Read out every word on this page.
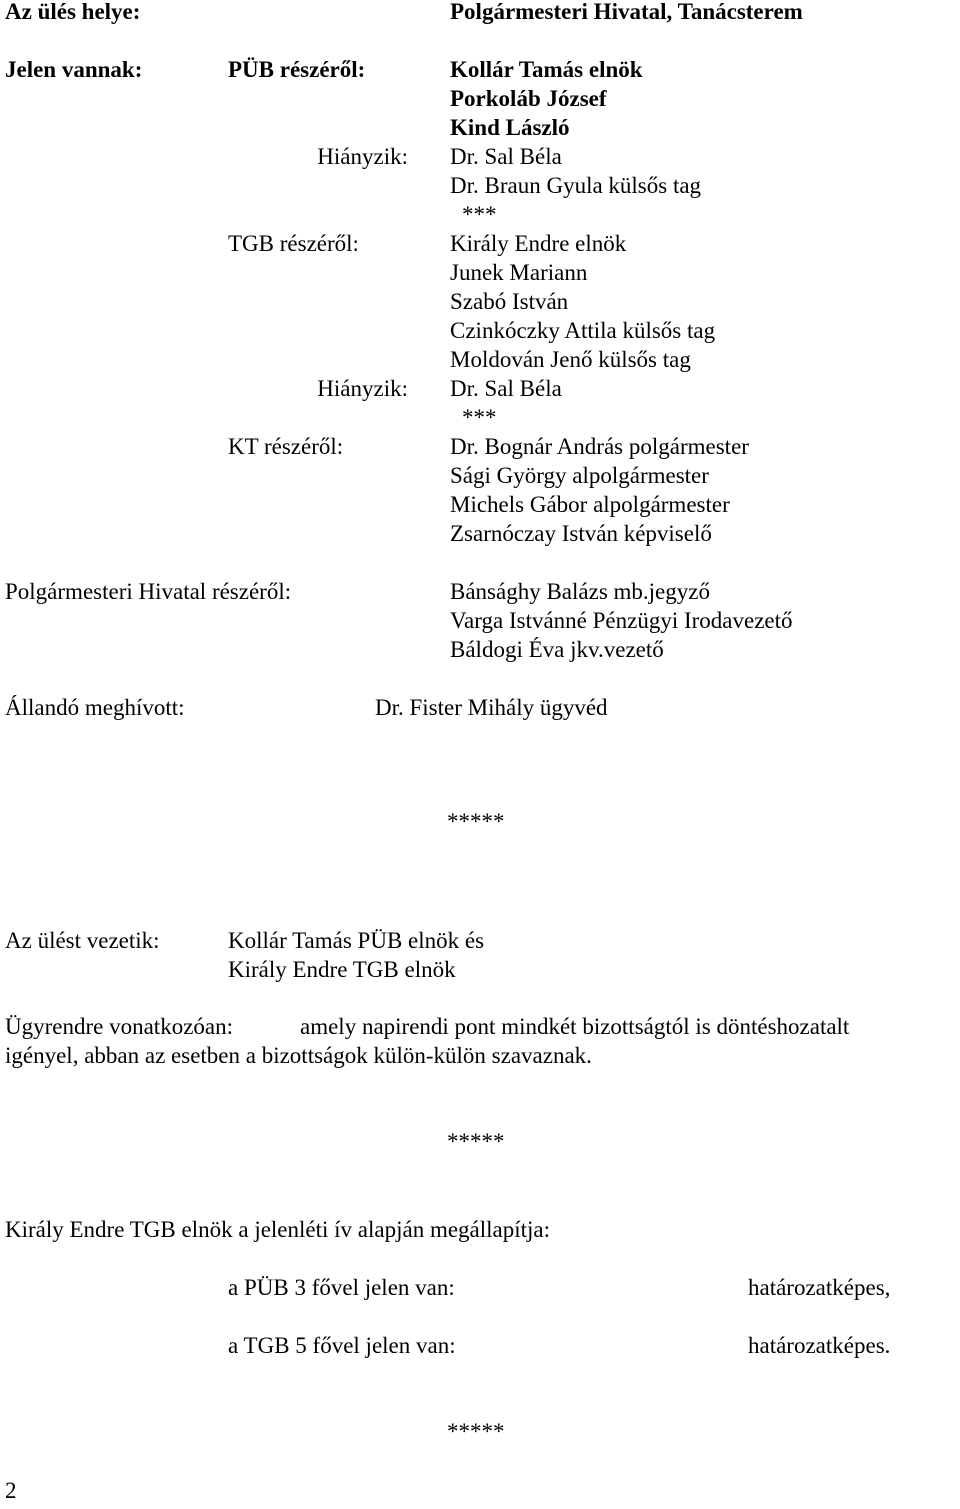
Az ülés helye:	Polgármesteri Hivatal, Tanácsterem
Jelen vannak:	PÜB részéről:	Kollár Tamás elnök
Porkoláb József
Kind László
Hiányzik: Dr. Sal Béla
Dr. Braun Gyula külsős tag
***
TGB részéről:	Király Endre elnök
Junek Mariann
Szabó István
Czinkóczky Attila külsős tag
Moldován Jenő külsős tag
Hiányzik: Dr. Sal Béla
***
KT részéről:	Dr. Bognár András polgármester
Sági György alpolgármester
Michels Gábor alpolgármester
Zsarnóczay István képviselő
Polgármesteri Hivatal részéről:	Bánsághy Balázs mb.jegyző
Varga Istvánné Pénzügyi Irodavezető
Báldogi Éva jkv.vezető
Állandó meghívott:	Dr. Fister Mihály ügyvéd
*****
Az ülést vezetik:	Kollár Tamás PÜB elnök és
Király Endre TGB elnök
Ügyrendre vonatkozóan:	amely napirendi pont mindkét bizottságtól is döntéshozatalt
igényel, abban az esetben a bizottságok külön-külön szavaznak.
*****
Király Endre TGB elnök a jelenléti ív alapján megállapítja:
a PÜB 3 fővel jelen van:	határozatképes,
a TGB 5 fővel jelen van:	határozatképes.
*****
2
